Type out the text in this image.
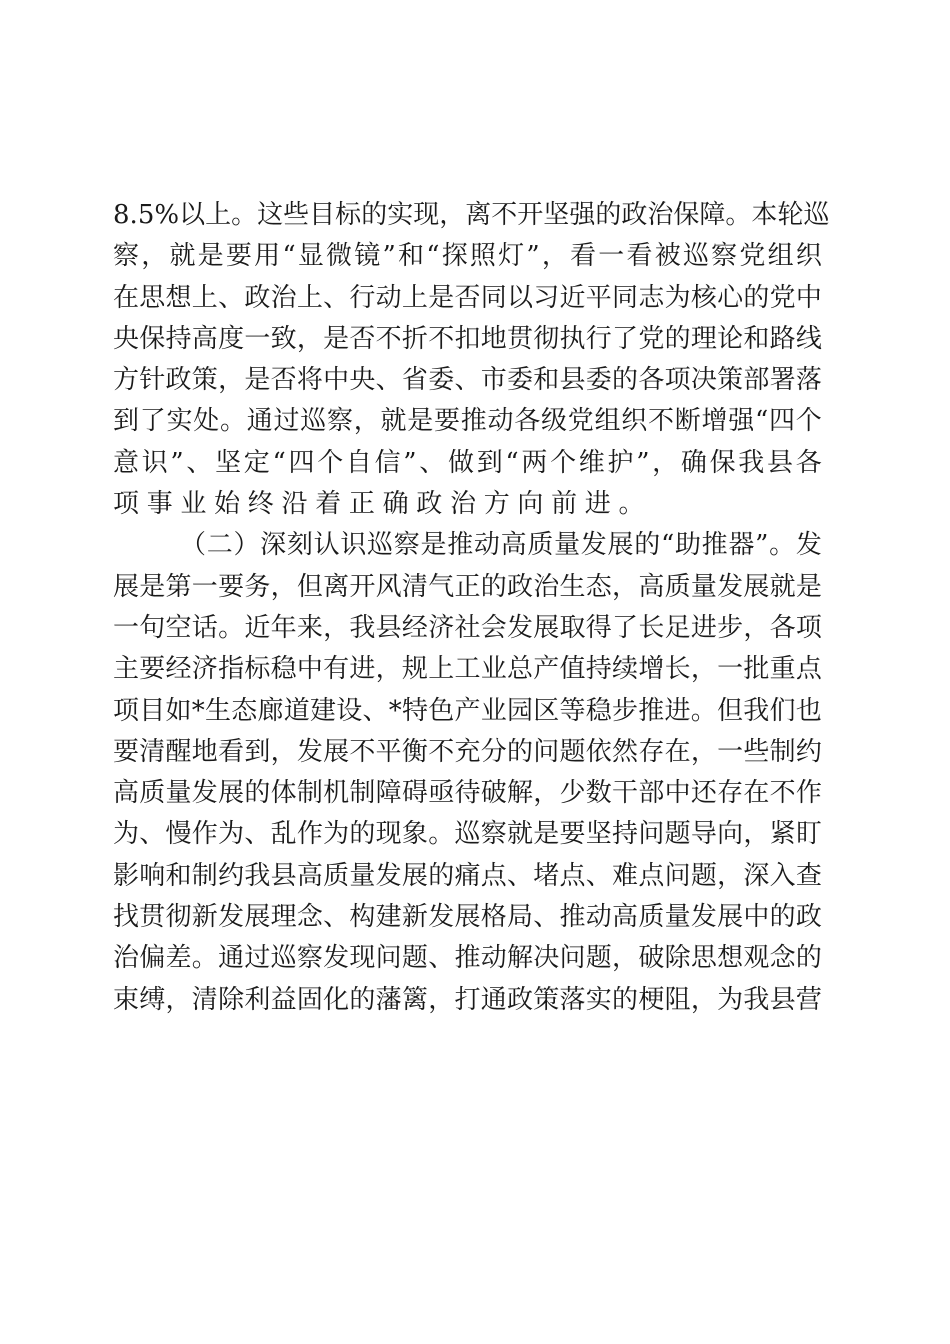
8 . 5 % 以 上 。 这 些 目 标 的 实 现 ， 离 不 开 坚 强 的 政 治 保 障 。 本 轮 巡
察 ， 就 是 要 用 “ 显 微 镜 ” 和 “ 探 照 灯 ” ， 看 一 看 被 巡 察 党 组 织
在 思 想 上 、 政 治 上 、 行 动 上 是 否 同 以 习 近 平 同 志 为 核 心 的 党 中
央 保 持 高 度 一 致 ， 是 否 不 折 不 扣 地 贯 彻 执 行 了 党 的 理 论 和 路 线
方 针 政 策 ， 是 否 将 中 央 、 省 委 、 市 委 和 县 委 的 各 项 决 策 部 署 落
到 了 实 处 。 通 过 巡 察 ， 就 是 要 推 动 各 级 党 组 织 不 断 增 强 “ 四 个
意 识 ” 、 坚 定 “ 四 个 自 信 ” 、 做 到 “ 两 个 维 护 ” ， 确 保 我 县 各
项事业始终沿着正确政治方向前进。
（ 二 ） 深 刻 认 识 巡 察 是 推 动 高 质 量 发 展 的 “ 助 推 器 ” 。 发
展 是 第 一 要 务 ， 但 离 开 风 清 气 正 的 政 治 生 态 ， 高 质 量 发 展 就 是
一 句 空 话 。 近 年 来 ， 我 县 经 济 社 会 发 展 取 得 了 长 足 进 步 ， 各 项
主 要 经 济 指 标 稳 中 有 进 ， 规 上 工 业 总 产 值 持 续 增 长 ， 一 批 重 点
项 目 如 * 生 态 廊 道 建 设 、 * 特 色 产 业 园 区 等 稳 步 推 进 。 但 我 们 也
要 清 醒 地 看 到 ， 发 展 不 平 衡 不 充 分 的 问 题 依 然 存 在 ， 一 些 制 约
高 质 量 发 展 的 体 制 机 制 障 碍 亟 待 破 解 ， 少 数 干 部 中 还 存 在 不 作
为 、 慢 作 为 、 乱 作 为 的 现 象 。 巡 察 就 是 要 坚 持 问 题 导 向 ， 紧 盯
影 响 和 制 约 我 县 高 质 量 发 展 的 痛 点 、 堵 点 、 难 点 问 题 ， 深 入 查
找 贯 彻 新 发 展 理 念 、 构 建 新 发 展 格 局 、 推 动 高 质 量 发 展 中 的 政
治 偏 差 。 通 过 巡 察 发 现 问 题 、 推 动 解 决 问 题 ， 破 除 思 想 观 念 的
束 缚 ， 清 除 利 益 固 化 的 藩 篱 ， 打 通 政 策 落 实 的 梗 阻 ， 为 我 县 营
